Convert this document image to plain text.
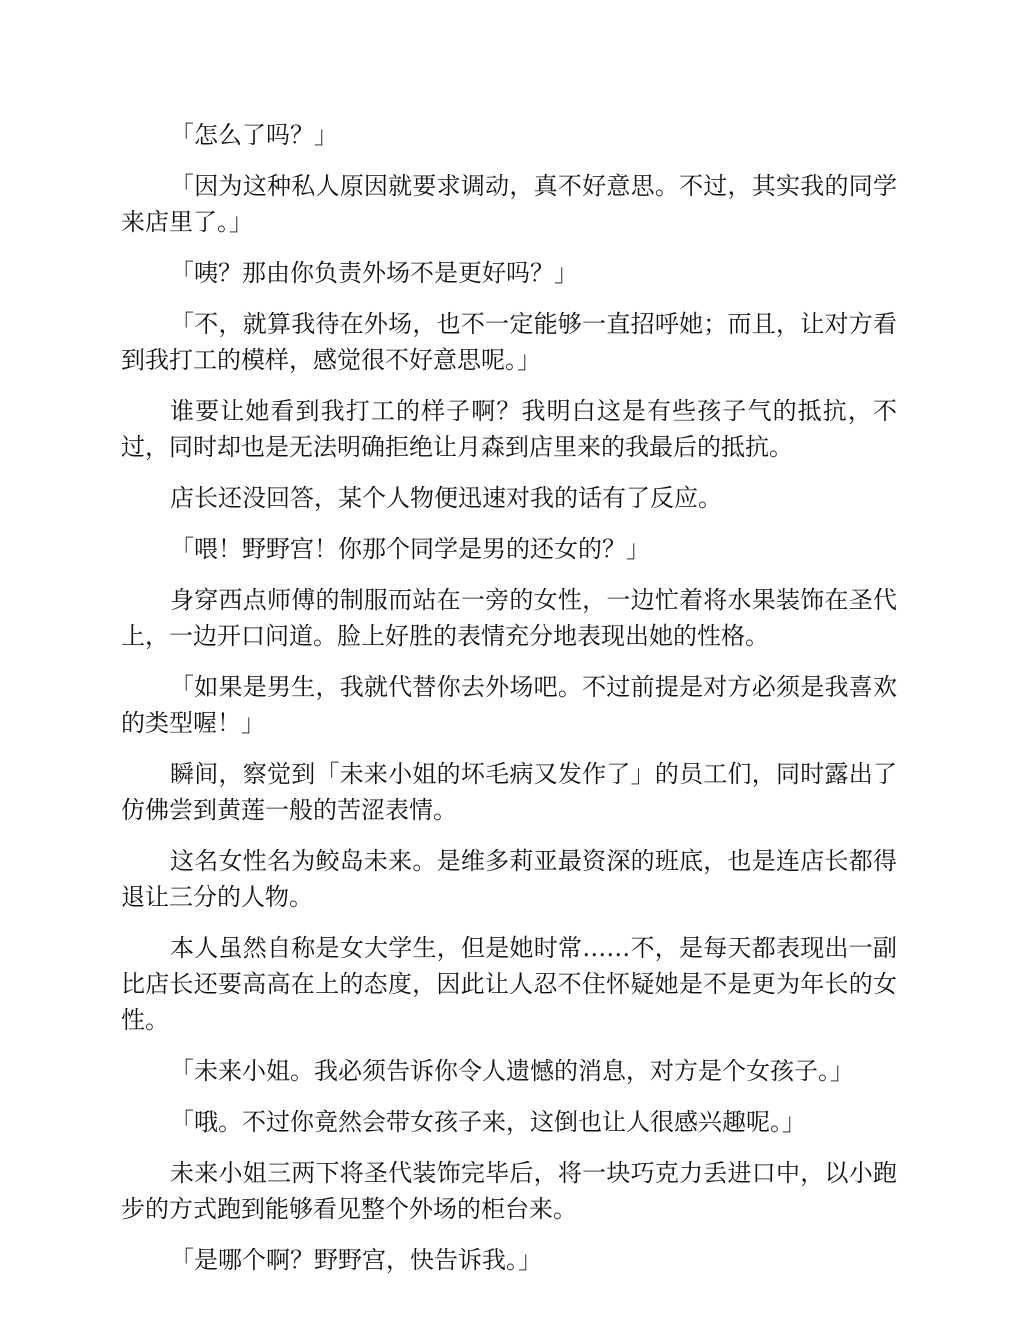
「怎么了吗？」

「因为这种私人原因就要求调动，真不好意思。不过，其实我的同学来店里了。」

「咦？那由你负责外场不是更好吗？」

「不，就算我待在外场，也不一定能够一直招呼她；而且，让对方看到我打工的模样，感觉很不好意思呢。」

谁要让她看到我打工的样子啊？我明白这是有些孩子气的抵抗，不过，同时却也是无法明确拒绝让月森到店里来的我最后的抵抗。

店长还没回答，某个人物便迅速对我的话有了反应。

「喂！野野宫！你那个同学是男的还女的？」

身穿西点师傅的制服而站在一旁的女性，一边忙着将水果装饰在圣代上，一边开口问道。脸上好胜的表情充分地表现出她的性格。

「如果是男生，我就代替你去外场吧。不过前提是对方必须是我喜欢的类型喔！」

瞬间，察觉到「未来小姐的坏毛病又发作了」的员工们，同时露出了仿佛尝到黄莲一般的苦涩表情。

这名女性名为鲛岛未来。是维多莉亚最资深的班底，也是连店长都得退让三分的人物。

本人虽然自称是女大学生，但是她时常……不，是每天都表现出一副比店长还要高高在上的态度，因此让人忍不住怀疑她是不是更为年长的女性。

「未来小姐。我必须告诉你令人遗憾的消息，对方是个女孩子。」

「哦。不过你竟然会带女孩子来，这倒也让人很感兴趣呢。」

未来小姐三两下将圣代装饰完毕后，将一块巧克力丢进口中，以小跑步的方式跑到能够看见整个外场的柜台来。

「是哪个啊？野野宫，快告诉我。」
